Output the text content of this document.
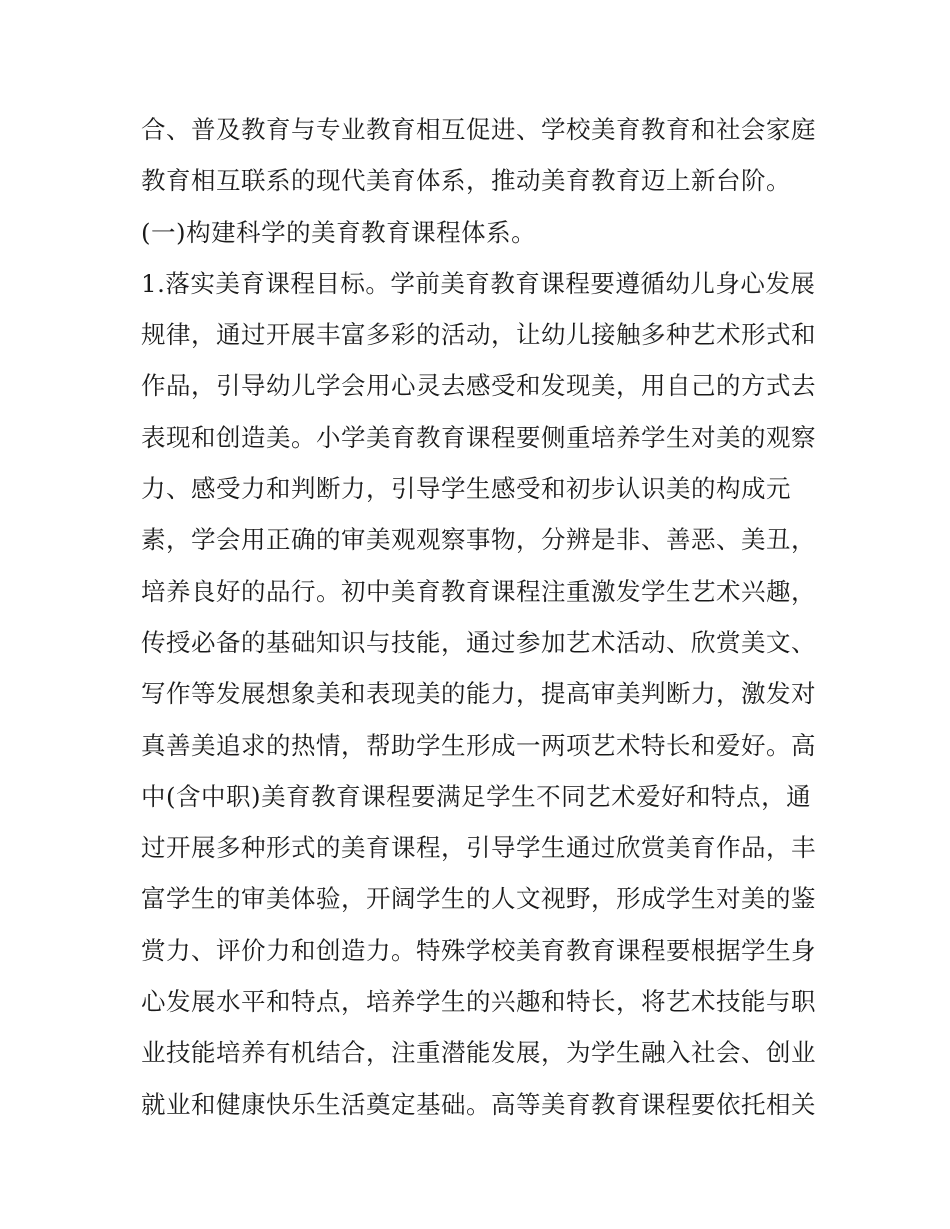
合、普及教育与专业教育相互促进、学校美育教育和社会家庭
教育相互联系的现代美育体系，推动美育教育迈上新台阶。
(一)构建科学的美育教育课程体系。
1.落实美育课程目标。学前美育教育课程要遵循幼儿身心发展
规律，通过开展丰富多彩的活动，让幼儿接触多种艺术形式和
作品，引导幼儿学会用心灵去感受和发现美，用自己的方式去
表现和创造美。小学美育教育课程要侧重培养学生对美的观察
力、感受力和判断力，引导学生感受和初步认识美的构成元
素，学会用正确的审美观观察事物，分辨是非、善恶、美丑，
培养良好的品行。初中美育教育课程注重激发学生艺术兴趣，
传授必备的基础知识与技能，通过参加艺术活动、欣赏美文、
写作等发展想象美和表现美的能力，提高审美判断力，激发对
真善美追求的热情，帮助学生形成一两项艺术特长和爱好。高
中(含中职)美育教育课程要满足学生不同艺术爱好和特点，通
过开展多种形式的美育课程，引导学生通过欣赏美育作品，丰
富学生的审美体验，开阔学生的人文视野，形成学生对美的鉴
赏力、评价力和创造力。特殊学校美育教育课程要根据学生身
心发展水平和特点，培养学生的兴趣和特长，将艺术技能与职
业技能培养有机结合，注重潜能发展，为学生融入社会、创业
就业和健康快乐生活奠定基础。高等美育教育课程要依托相关
